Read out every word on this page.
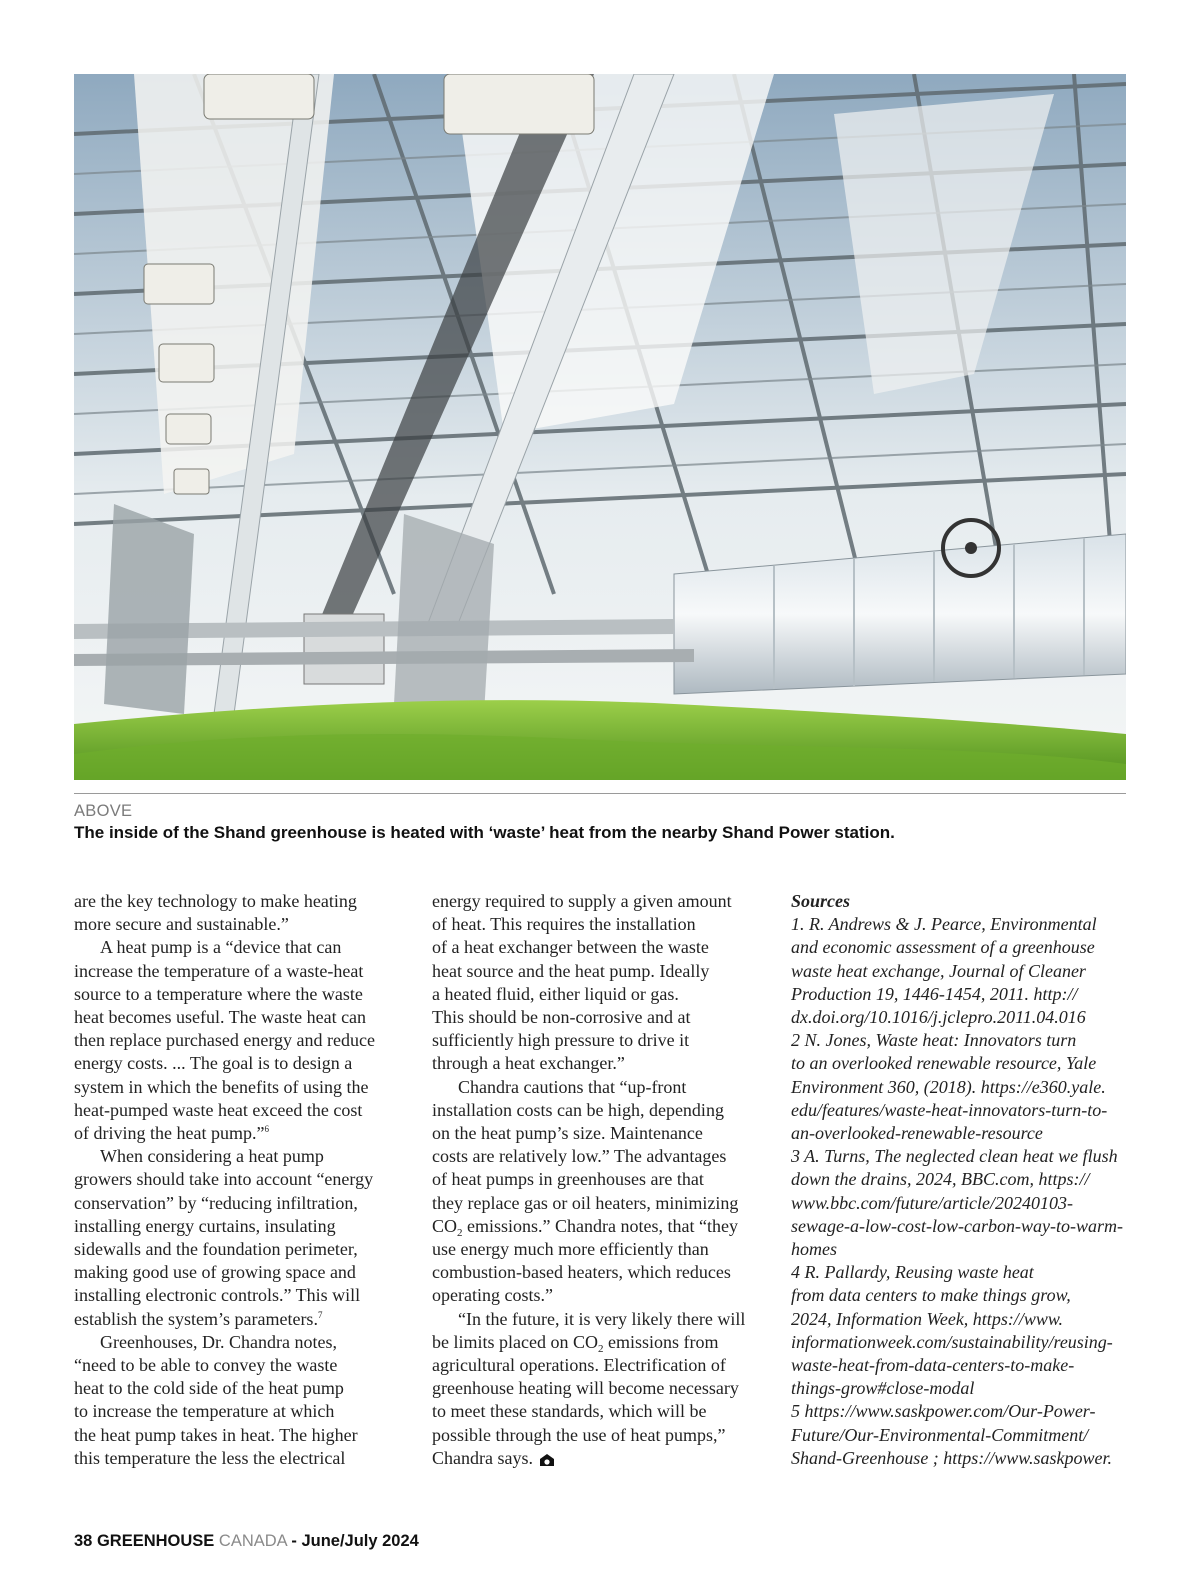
ABOVE
The inside of the Shand greenhouse is heated with ‘waste’ heat from the nearby Shand Power station.

are the key technology to make heating

more secure and sustainable.”

A heat pump is a “device that can

increase the temperature of a waste-heat

source to a temperature where the waste

heat becomes useful. The waste heat can

then replace purchased energy and reduce

energy costs. ... The goal is to design a

system in which the benefits of using the

heat-pumped waste heat exceed the cost

of driving the heat pump.”$^6$

When considering a heat pump

growers should take into account “energy

conservation” by “reducing infiltration,

installing energy curtains, insulating

sidewalls and the foundation perimeter,

making good use of growing space and

installing electronic controls.” This will

establish the system’s parameters.$^7$

Greenhouses, Dr. Chandra notes,

“need to be able to convey the waste

heat to the cold side of the heat pump

to increase the temperature at which

the heat pump takes in heat. The higher

this temperature the less the electrical

energy required to supply a given amount

of heat. This requires the installation

of a heat exchanger between the waste

heat source and the heat pump. Ideally

a heated fluid, either liquid or gas.

This should be non-corrosive and at

sufficiently high pressure to drive it

through a heat exchanger.”

Chandra cautions that “up-front

installation costs can be high, depending

on the heat pump’s size. Maintenance

costs are relatively low.” The advantages

of heat pumps in greenhouses are that

they replace gas or oil heaters, minimizing

$CO_2$ emissions.” Chandra notes, that “they

use energy much more efficiently than

combustion-based heaters, which reduces

operating costs.”

“In the future, it is very likely there will

be limits placed on $CO_2$ emissions from

agricultural operations. Electrification of

greenhouse heating will become necessary

to meet these standards, which will be

possible through the use of heat pumps,”

Chandra says.

Sources

1. R. Andrews & J. Pearce, Environmental

and economic assessment of a greenhouse

waste heat exchange, Journal of Cleaner

Production 19, 1446-1454, 2011. http://

dx.doi.org/10.1016/j.jclepro.2011.04.016

2 N. Jones, Waste heat: Innovators turn

to an overlooked renewable resource, Yale

Environment 360, (2018). https://e360.yale.

edu/features/waste-heat-innovators-turn-to-

an-overlooked-renewable-resource

3 A. Turns, The neglected clean heat we flush

down the drains, 2024, BBC.com, https://

www.bbc.com/future/article/20240103-

sewage-a-low-cost-low-carbon-way-to-warm-

homes

4 R. Pallardy, Reusing waste heat

from data centers to make things grow,

2024, Information Week, https://www.

informationweek.com/sustainability/reusing-

waste-heat-from-data-centers-to-make-

things-grow#close-modal

5 https://www.saskpower.com/Our-Power-

Future/Our-Environmental-Commitment/

Shand-Greenhouse ; https://www.saskpower.

38 GREENHOUSE CANADA - June/July 2024
